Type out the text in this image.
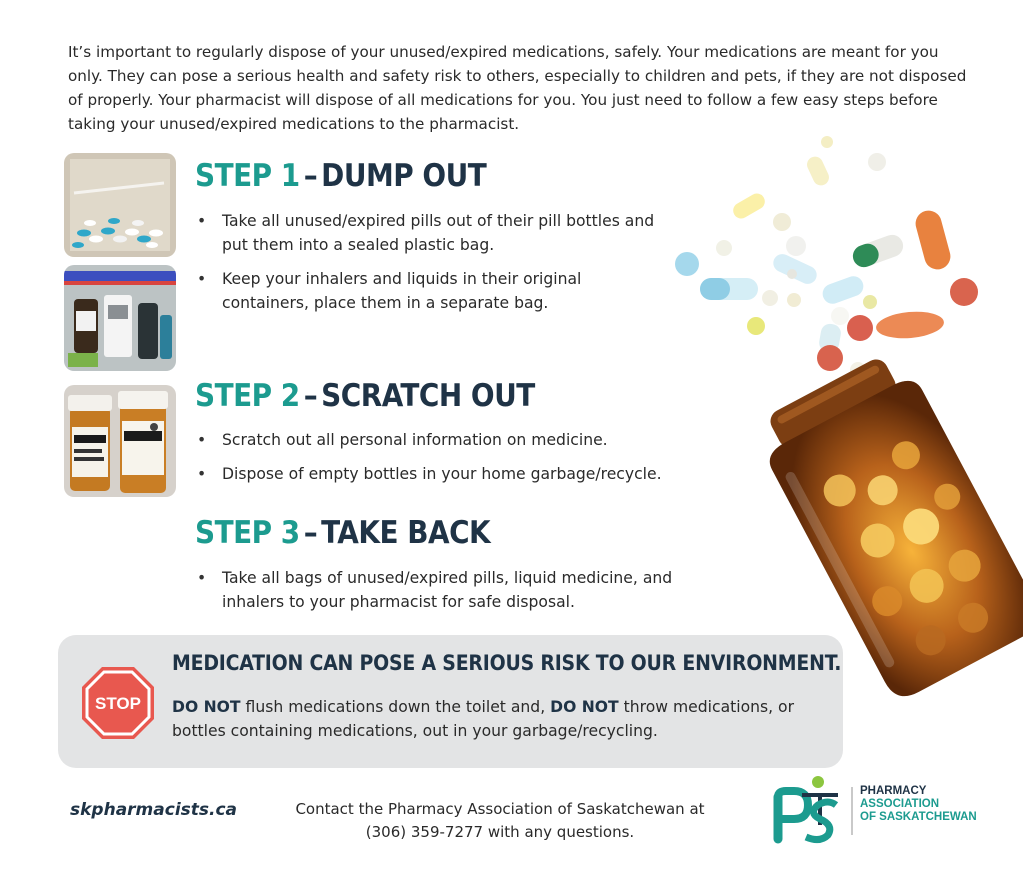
It’s important to regularly dispose of your unused/expired medications, safely. Your medications are meant for you only. They can pose a serious health and safety risk to others, especially to children and pets, if they are not disposed of properly. Your pharmacist will dispose of all medications for you. You just need to follow a few easy steps before taking your unused/expired medications to the pharmacist.

STEP 1 – DUMP OUT
• Take all unused/expired pills out of their pill bottles and put them into a sealed plastic bag.
• Keep your inhalers and liquids in their original containers, place them in a separate bag.
STEP 2 – SCRATCH OUT
• Scratch out all personal information on medicine.
• Dispose of empty bottles in your home garbage/recycle.
STEP 3 – TAKE BACK
• Take all bags of unused/expired pills, liquid medicine, and inhalers to your pharmacist for safe disposal.
STOP
MEDICATION CAN POSE A SERIOUS RISK TO OUR ENVIRONMENT.

DO NOT flush medications down the toilet and, DO NOT throw medications, or bottles containing medications, out in your garbage/recycling.

skpharmacists.ca	Contact the Pharmacy Association of Saskatchewan at
(306) 359-7277 with any questions.

PHARMACY
ASSOCIATION
OF SASKATCHEWAN
